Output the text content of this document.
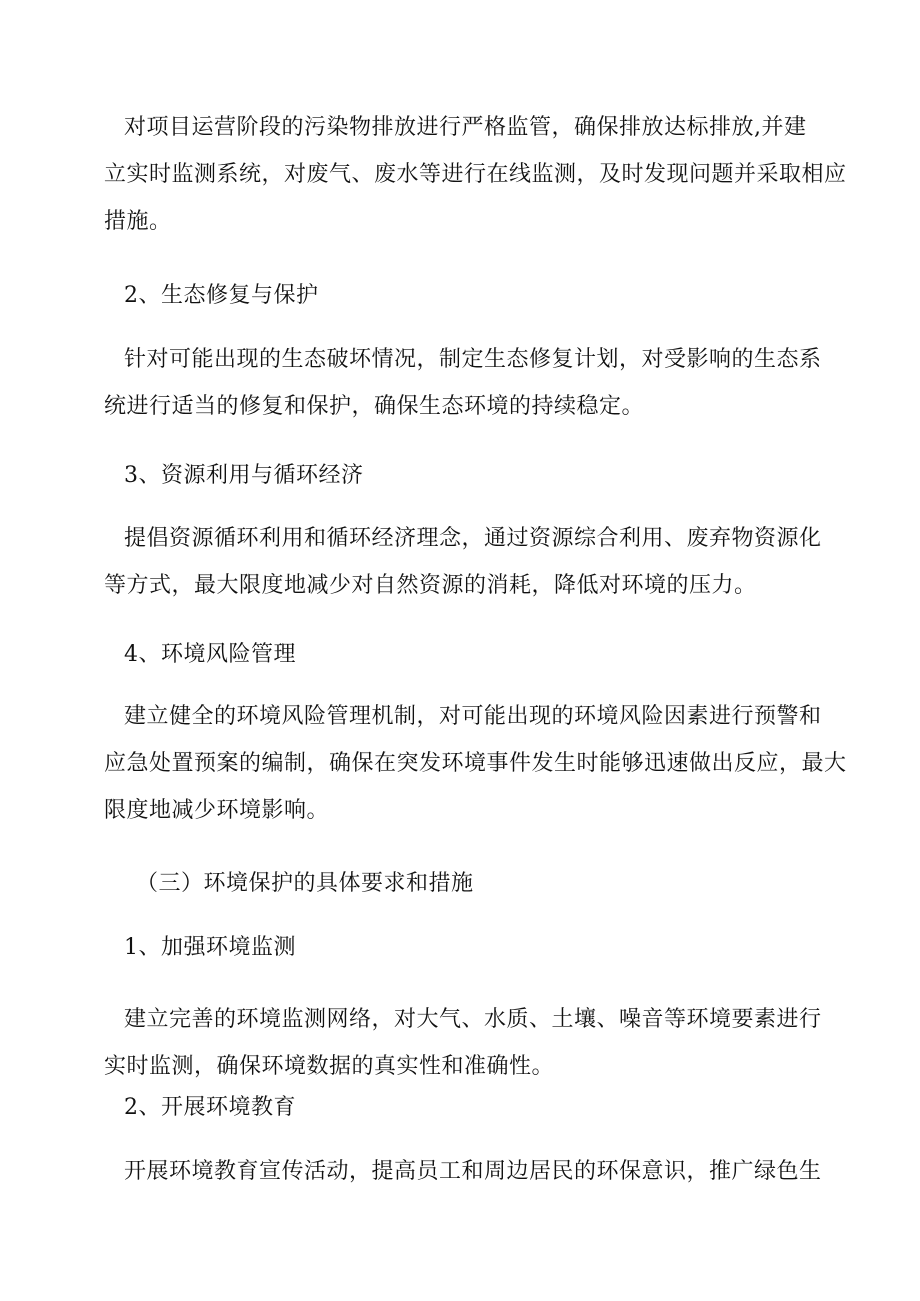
对项目运营阶段的污染物排放进行严格监管，确保排放达标排放,并建
立实时监测系统，对废气、废水等进行在线监测，及时发现问题并采取相应
措施。
2、生态修复与保护
针对可能出现的生态破坏情况，制定生态修复计划，对受影响的生态系
统进行适当的修复和保护，确保生态环境的持续稳定。
3、资源利用与循环经济
提倡资源循环利用和循环经济理念，通过资源综合利用、废弃物资源化
等方式，最大限度地减少对自然资源的消耗，降低对环境的压力。
4、环境风险管理
建立健全的环境风险管理机制，对可能出现的环境风险因素进行预警和
应急处置预案的编制，确保在突发环境事件发生时能够迅速做出反应，最大
限度地减少环境影响。
（三）环境保护的具体要求和措施
1、加强环境监测
建立完善的环境监测网络，对大气、水质、土壤、噪音等环境要素进行
实时监测，确保环境数据的真实性和准确性。
2、开展环境教育
开展环境教育宣传活动，提高员工和周边居民的环保意识，推广绿色生
